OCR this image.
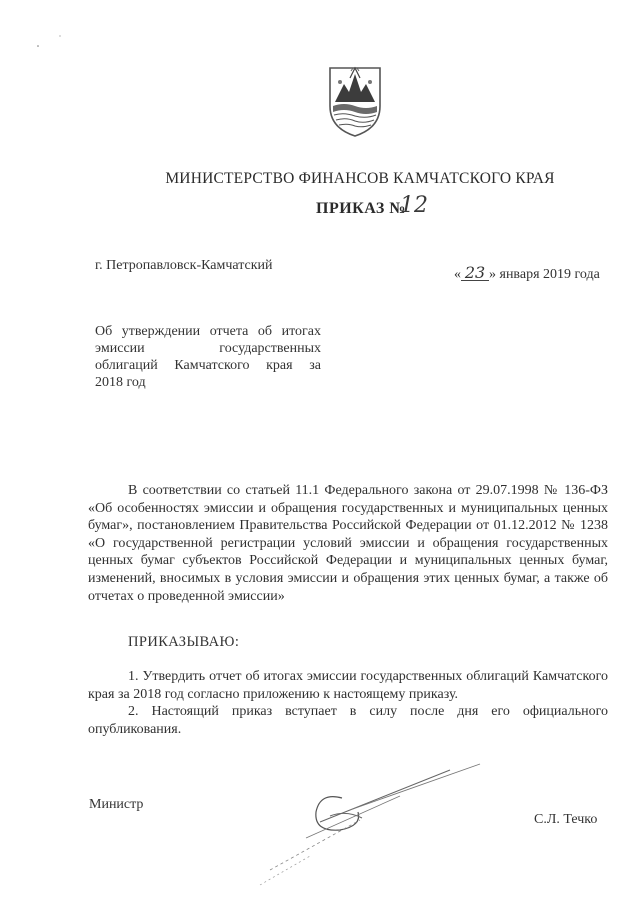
МИНИСТЕРСТВО ФИНАНСОВ КАМЧАТСКОГО КРАЯ
ПРИКАЗ №
12
г. Петропавловск-Камчатский
« 23 » января 2019 года
Об утверждении отчета об итогах
эмиссии государственных
облигаций Камчатского края за
2018 год

В соответствии со статьей 11.1 Федерального закона от 29.07.1998 № 136-ФЗ «Об особенностях эмиссии и обращения государственных и муниципальных ценных бумаг», постановлением Правительства Российской Федерации от 01.12.2012 № 1238 «О государственной регистрации условий эмиссии и обращения государственных ценных бумаг субъектов Российской Федерации и муниципальных ценных бумаг, изменений, вносимых в условия эмиссии и обращения этих ценных бумаг, а также об отчетах о проведенной эмиссии»

ПРИКАЗЫВАЮ:

1. Утвердить отчет об итогах эмиссии государственных облигаций Камчатского края за 2018 год согласно приложению к настоящему приказу.

2. Настоящий приказ вступает в силу после дня его официального опубликования.

Министр
С.Л. Течко
